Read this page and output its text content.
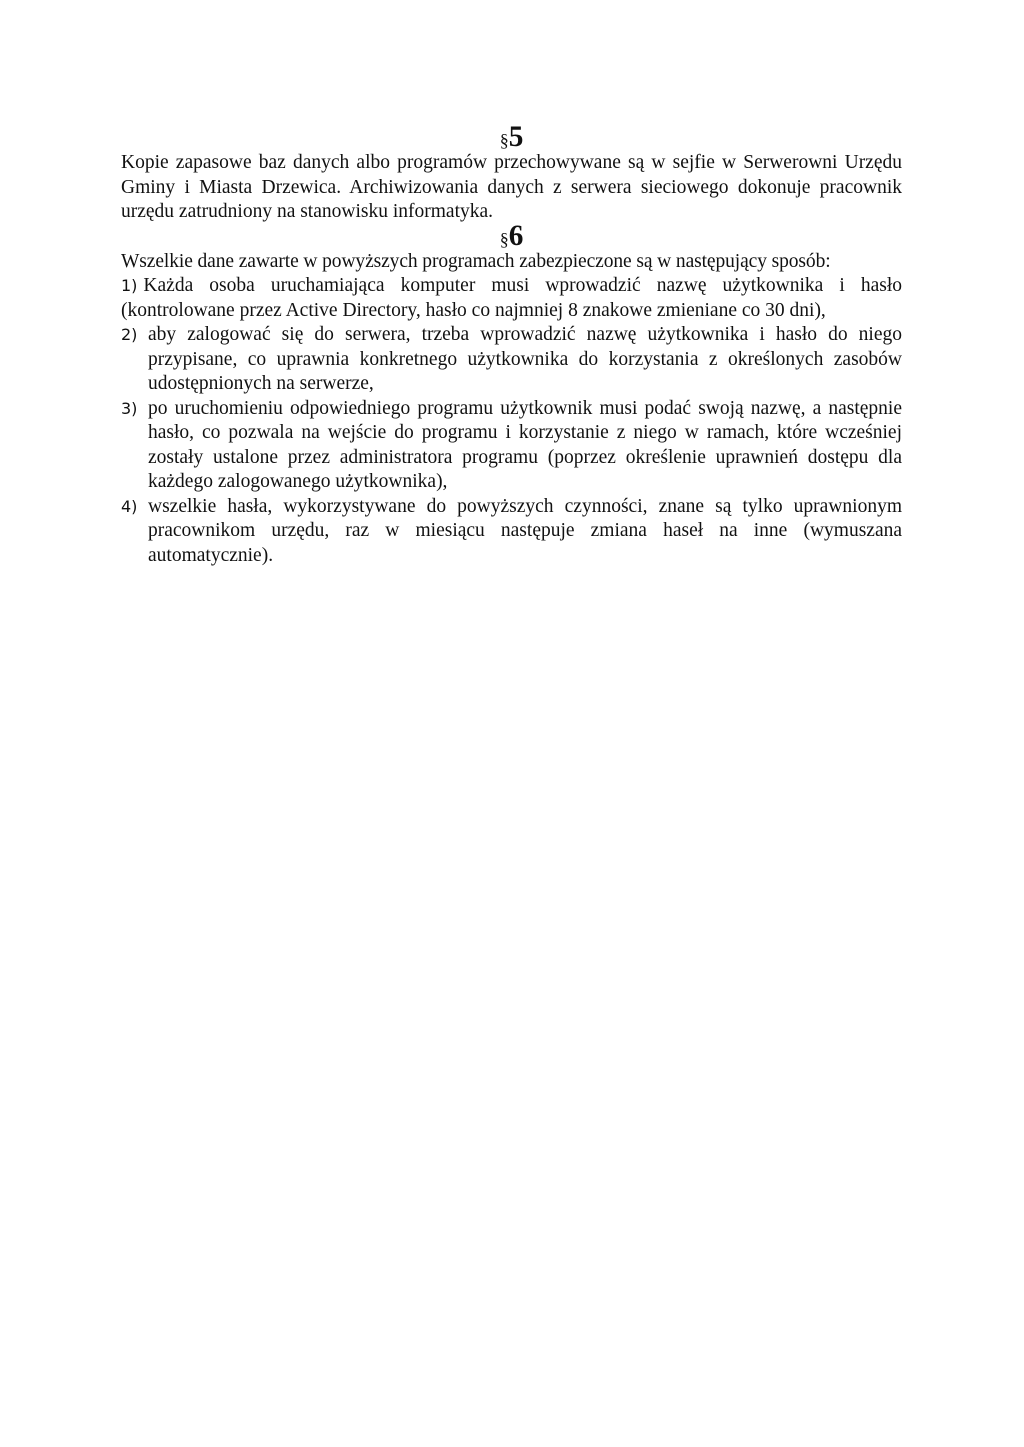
§5

Kopie zapasowe baz danych albo programów przechowywane są w sejfie w Serwerowni Urzędu Gminy i Miasta Drzewica. Archiwizowania danych z serwera sieciowego dokonuje pracownik urzędu zatrudniony na stanowisku informatyka.

§6

Wszelkie dane zawarte w powyższych programach zabezpieczone są w następujący sposób:

1) Każda osoba uruchamiająca komputer musi wprowadzić nazwę użytkownika i hasło (kontrolowane przez Active Directory, hasło co najmniej 8 znakowe zmieniane co 30 dni),
2) aby zalogować się do serwera, trzeba wprowadzić nazwę użytkownika i hasło do niego przypisane, co uprawnia konkretnego użytkownika do korzystania z określonych zasobów udostępnionych na serwerze,
3) po uruchomieniu odpowiedniego programu użytkownik musi podać swoją nazwę, a następnie hasło, co pozwala na wejście do programu i korzystanie z niego w ramach, które wcześniej zostały ustalone przez administratora programu (poprzez określenie uprawnień dostępu dla każdego zalogowanego użytkownika),
4) wszelkie hasła, wykorzystywane do powyższych czynności, znane są tylko uprawnionym pracownikom urzędu, raz w miesiącu następuje zmiana haseł na inne (wymuszana automatycznie).
